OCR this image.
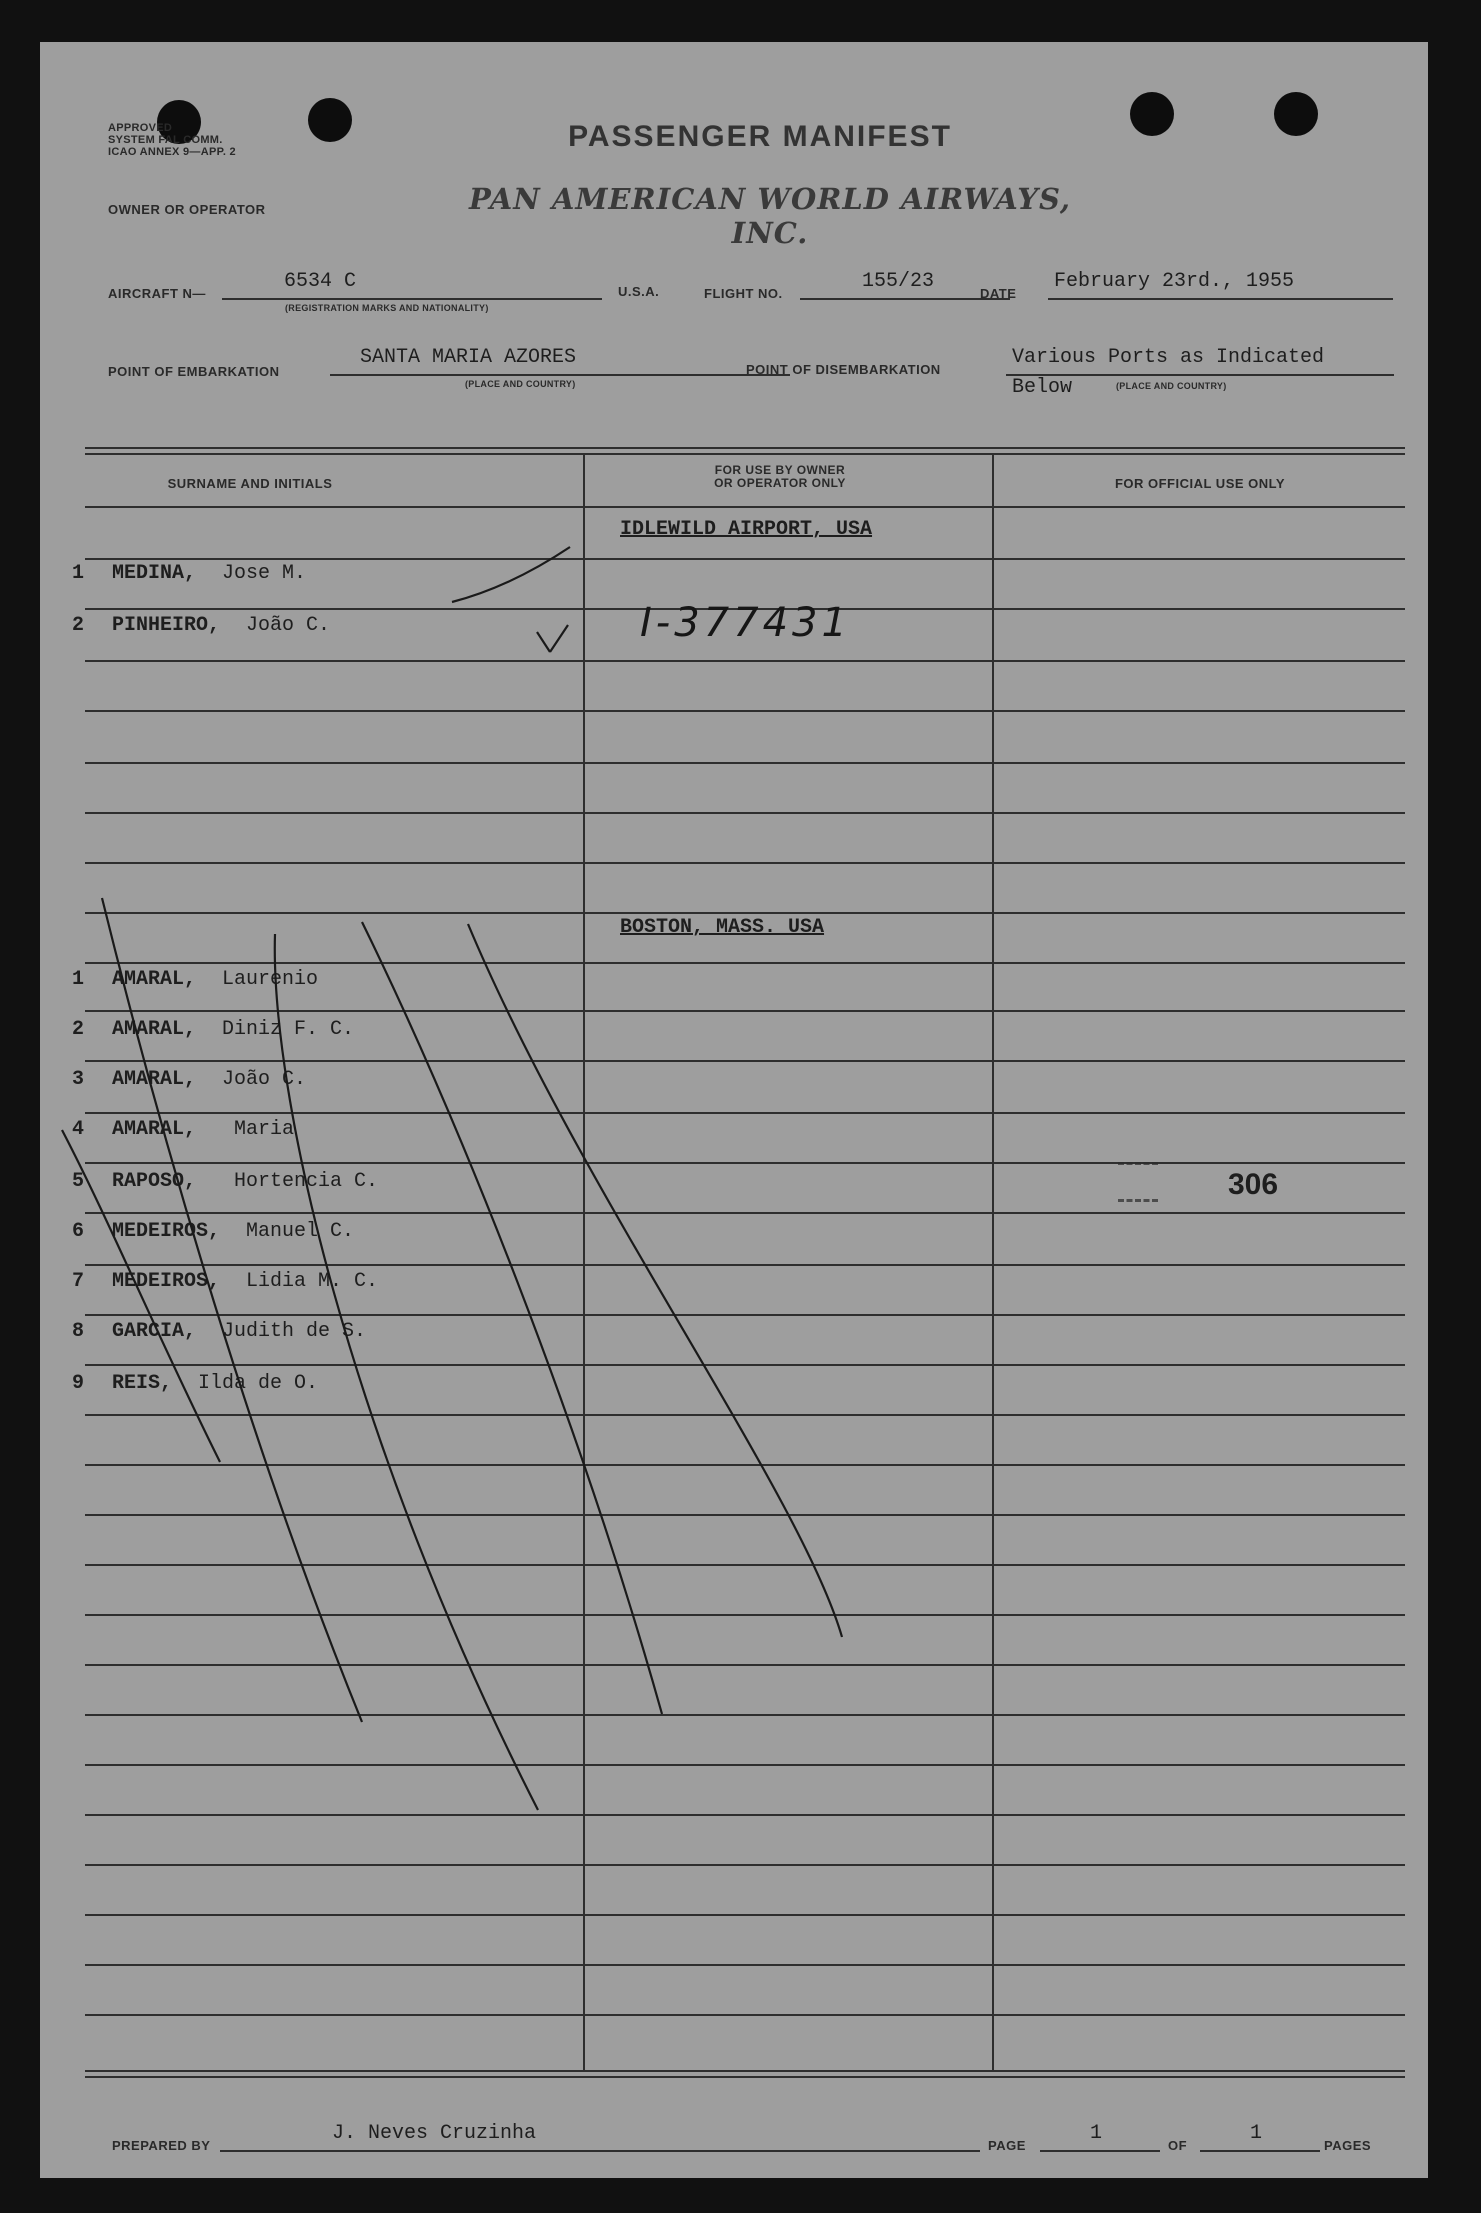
APPROVED
SYSTEM FAL COMM.
ICAO ANNEX 9—APP. 2	PASSENGER MANIFEST
OWNER OR OPERATOR	PAN AMERICAN WORLD AIRWAYS, INC.
AIRCRAFT N—
6534 C
(REGISTRATION MARKS AND NATIONALITY)
U.S.A.	FLIGHT NO.
155/23
DATE
February 23rd., 1955
POINT OF EMBARKATION
SANTA MARIA AZORES
(PLACE AND COUNTRY)
POINT OF DISEMBARKATION
Various Ports as Indicated
Below	(PLACE AND COUNTRY)
SURNAME AND INITIALS
FOR USE BY OWNER
OR OPERATOR ONLY	FOR OFFICIAL USE ONLY
IDLEWILD AIRPORT, USA
1 MEDINA, Jose M.
2 PINHEIRO, João C.	I-377431
BOSTON, MASS. USA
1 AMARAL, Laurenio
2 AMARAL, Diniz F. C.
3 AMARAL, João C.
4 AMARAL, Maria
5 RAPOSO, Hortencia C.
6 MEDEIROS, Manuel C.
7 MEDEIROS, Lidia M. C.
8 GARCIA, Judith de S.
9 REIS, Ilda de O.
306
PREPARED BY
J. Neves Cruzinha
PAGE
1
OF
1
PAGES
